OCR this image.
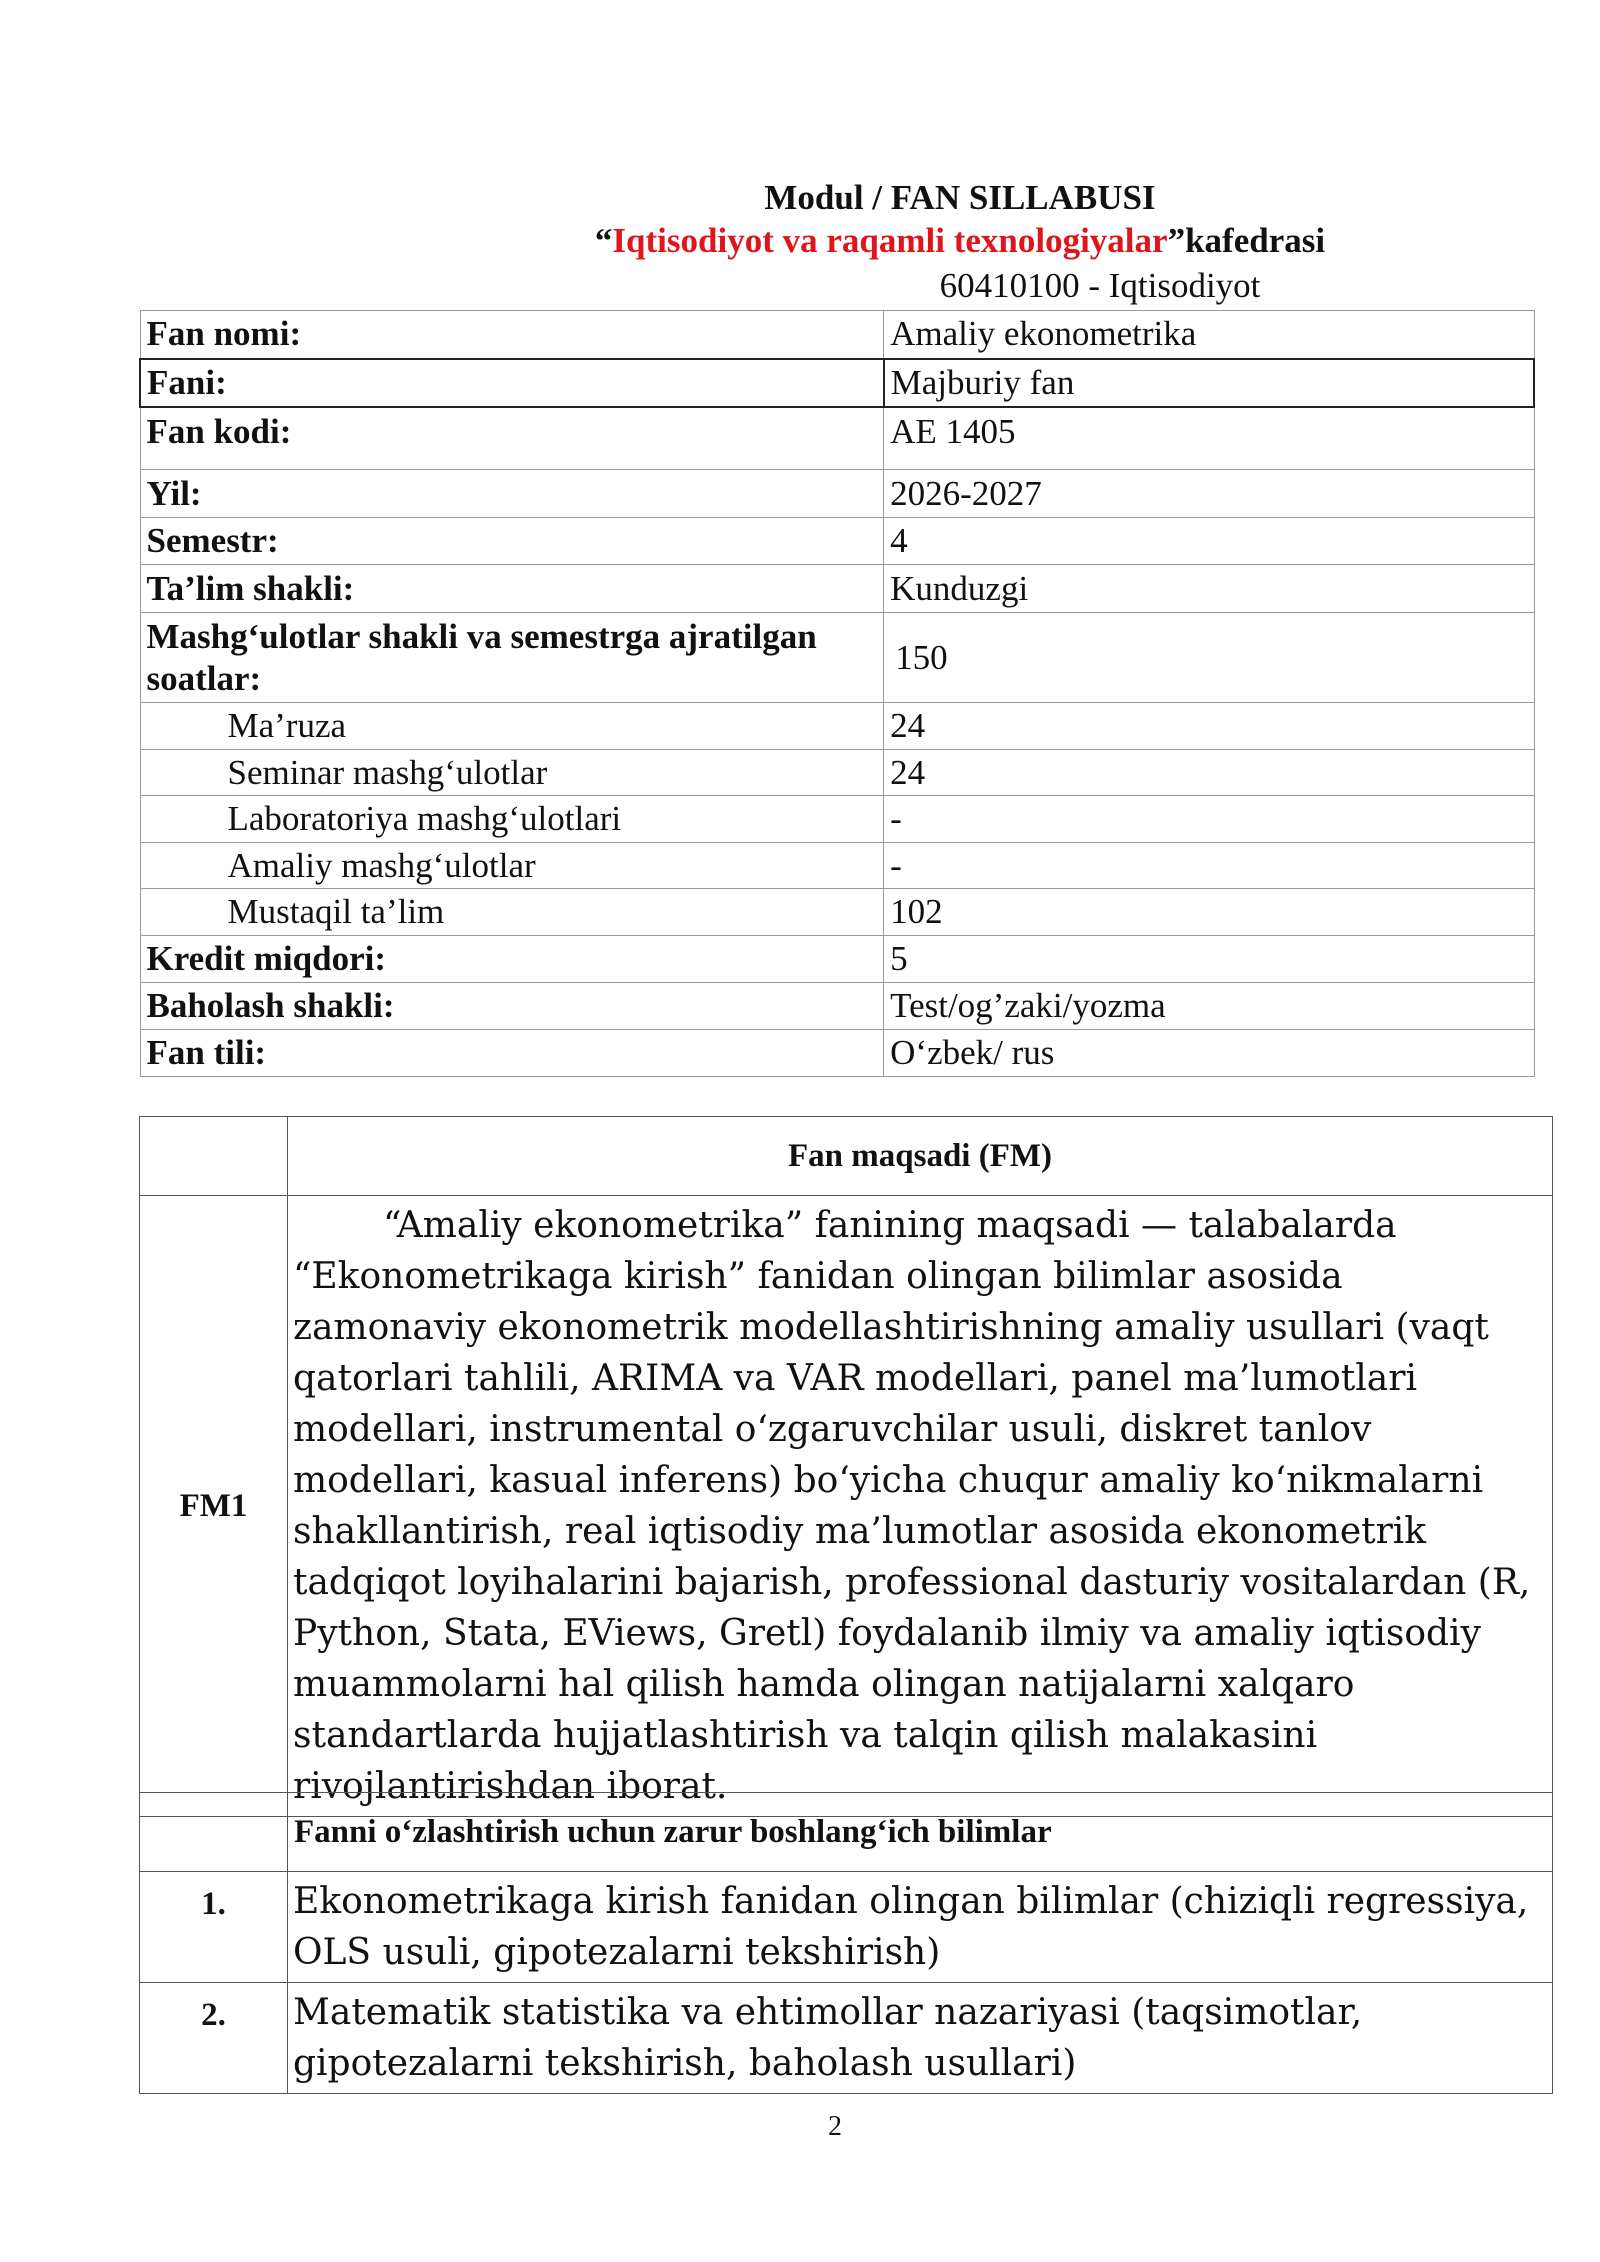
Modul / FAN SILLABUSI
“Iqtisodiyot va raqamli texnologiyalar”kafedrasi
60410100 - Iqtisodiyot
Fan nomi:	Amaliy ekonometrika
Fani:	Majburiy fan
Fan kodi:	AE 1405
Yil:	2026-2027
Semestr:	4
Ta’lim shakli:	Kunduzgi
Mashg‘ulotlar shakli va semestrga ajratilgan soatlar:	150
Ma’ruza	24
Seminar mashg‘ulotlar	24
Laboratoriya mashg‘ulotlari	-
Amaliy mashg‘ulotlar	-
Mustaqil ta’lim	102
Kredit miqdori:	5
Baholash shakli:	Test/og’zaki/yozma
Fan tili:	O‘zbek/ rus
	Fan maqsadi (FM)
FM1	“Amaliy ekonometrika” fanining maqsadi — talabalarda “Ekonometrikaga kirish” fanidan olingan bilimlar asosida zamonaviy ekonometrik modellashtirishning amaliy usullari (vaqt qatorlari tahlili, ARIMA va VAR modellari, panel ma’lumotlari modellari, instrumental o‘zgaruvchilar usuli, diskret tanlov modellari, kasual inferens) bo‘yicha chuqur amaliy ko‘nikmalarni shakllantirish, real iqtisodiy ma’lumotlar asosida ekonometrik tadqiqot loyihalarini bajarish, professional dasturiy vositalardan (R, Python, Stata, EViews, Gretl) foydalanib ilmiy va amaliy iqtisodiy muammolarni hal qilish hamda olingan natijalarni xalqaro standartlarda hujjatlashtirish va talqin qilish malakasini rivojlantirishdan iborat.
	Fanni o‘zlashtirish uchun zarur boshlang‘ich bilimlar
1.	Ekonometrikaga kirish fanidan olingan bilimlar (chiziqli regressiya, OLS usuli, gipotezalarni tekshirish)
2.	Matematik statistika va ehtimollar nazariyasi (taqsimotlar, gipotezalarni tekshirish, baholash usullari)
2
